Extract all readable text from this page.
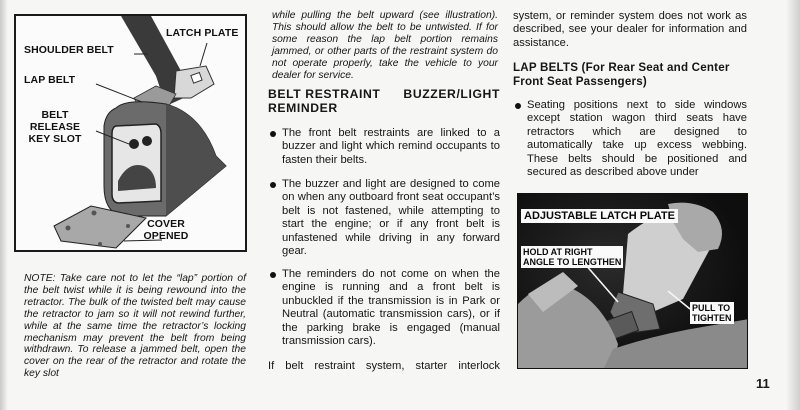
SHOULDER BELT
LATCH PLATE
LAP BELT
BELT
RELEASE
KEY SLOT
COVER
OPENED
NOTE: Take care not to let the “lap” portion of the belt twist while it is being rewound into the retractor. The bulk of the twisted belt may cause the retractor to jam so it will not rewind further, while at the same time the retractor’s locking mechanism may prevent the belt from being withdrawn. To release a jammed belt, open the cover on the rear of the retractor and rotate the key slot
while pulling the belt upward (see illustration). This should allow the belt to be untwisted. If for some reason the lap belt portion remains jammed, or other parts of the restraint system do not operate properly, take the vehicle to your dealer for service.
BELT RESTRAINT BUZZER/LIGHT
REMINDER
The front belt restraints are linked to a buzzer and light which remind occupants to fasten their belts.
The buzzer and light are designed to come on when any outboard front seat occupant’s belt is not fastened, while attempting to start the engine; or if any front belt is unfastened while driving in any forward gear.
The reminders do not come on when the engine is running and a front belt is unbuckled if the transmission is in Park or Neutral (automatic transmission cars), or if the parking brake is engaged (manual transmission cars).
If belt restraint system, starter interlock
system, or reminder system does not work as described, see your dealer for information and assistance.
LAP BELTS (For Rear Seat and Center Front Seat Passengers)
Seating positions next to side windows except station wagon third seats have retractors which are designed to automatically take up excess webbing. These belts should be positioned and secured as described above under
ADJUSTABLE LATCH PLATE
HOLD AT RIGHT
ANGLE TO LENGTHEN
PULL TO
TIGHTEN
11
